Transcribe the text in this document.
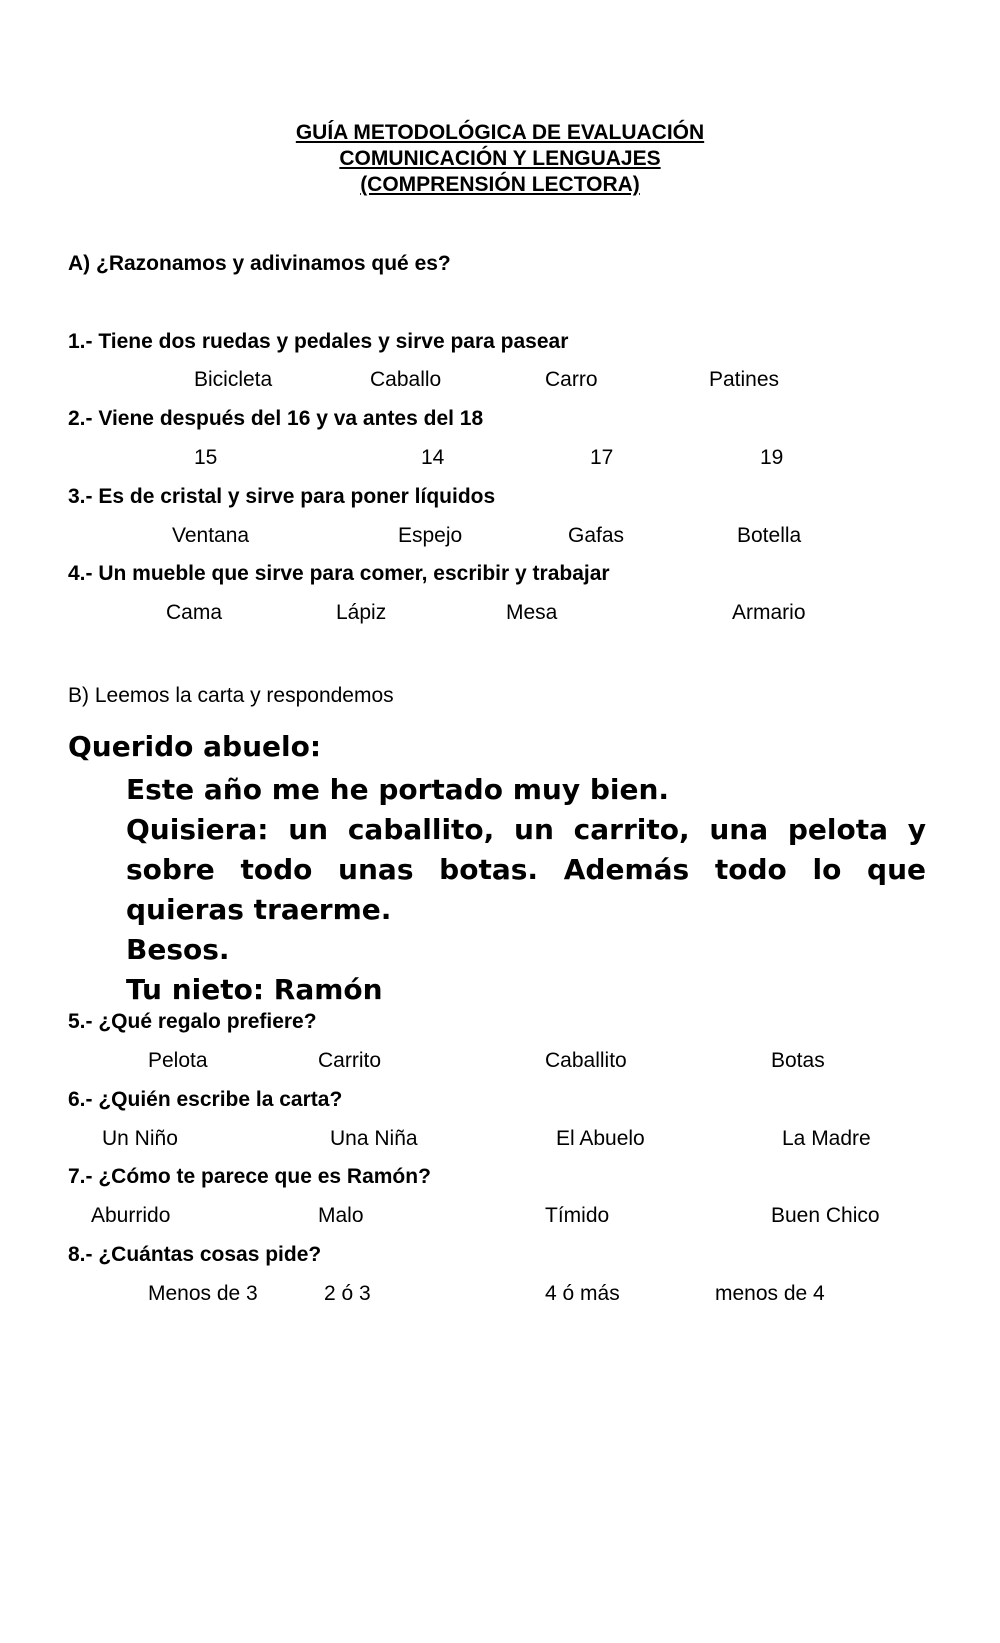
GUÍA METODOLÓGICA DE EVALUACIÓN
COMUNICACIÓN Y LENGUAJES
(COMPRENSIÓN LECTORA)
A) ¿Razonamos y adivinamos qué es?
1.- Tiene dos ruedas y pedales y sirve para pasear
Bicicleta	Caballo	Carro	Patines
2.- Viene después del 16 y va antes del 18
15	14	17	19
3.- Es de cristal y sirve para poner líquidos
Ventana	Espejo	Gafas	Botella
4.- Un mueble que sirve para comer, escribir y trabajar
Cama	Lápiz	Mesa	Armario
B) Leemos la carta y respondemos
Querido abuelo:

Este año me he portado muy bien.

Quisiera: un caballito, un carrito, una pelota y sobre todo unas botas. Además todo lo que quieras traerme.

Besos.

Tu nieto: Ramón

5.- ¿Qué regalo prefiere?
Pelota	Carrito	Caballito	Botas
6.- ¿Quién escribe la carta?
Un Niño	Una Niña	El Abuelo	La Madre
7.- ¿Cómo te parece que es Ramón?
Aburrido	Malo	Tímido	Buen Chico
8.- ¿Cuántas cosas pide?
Menos de 3	2 ó 3	4 ó más	menos de 4
